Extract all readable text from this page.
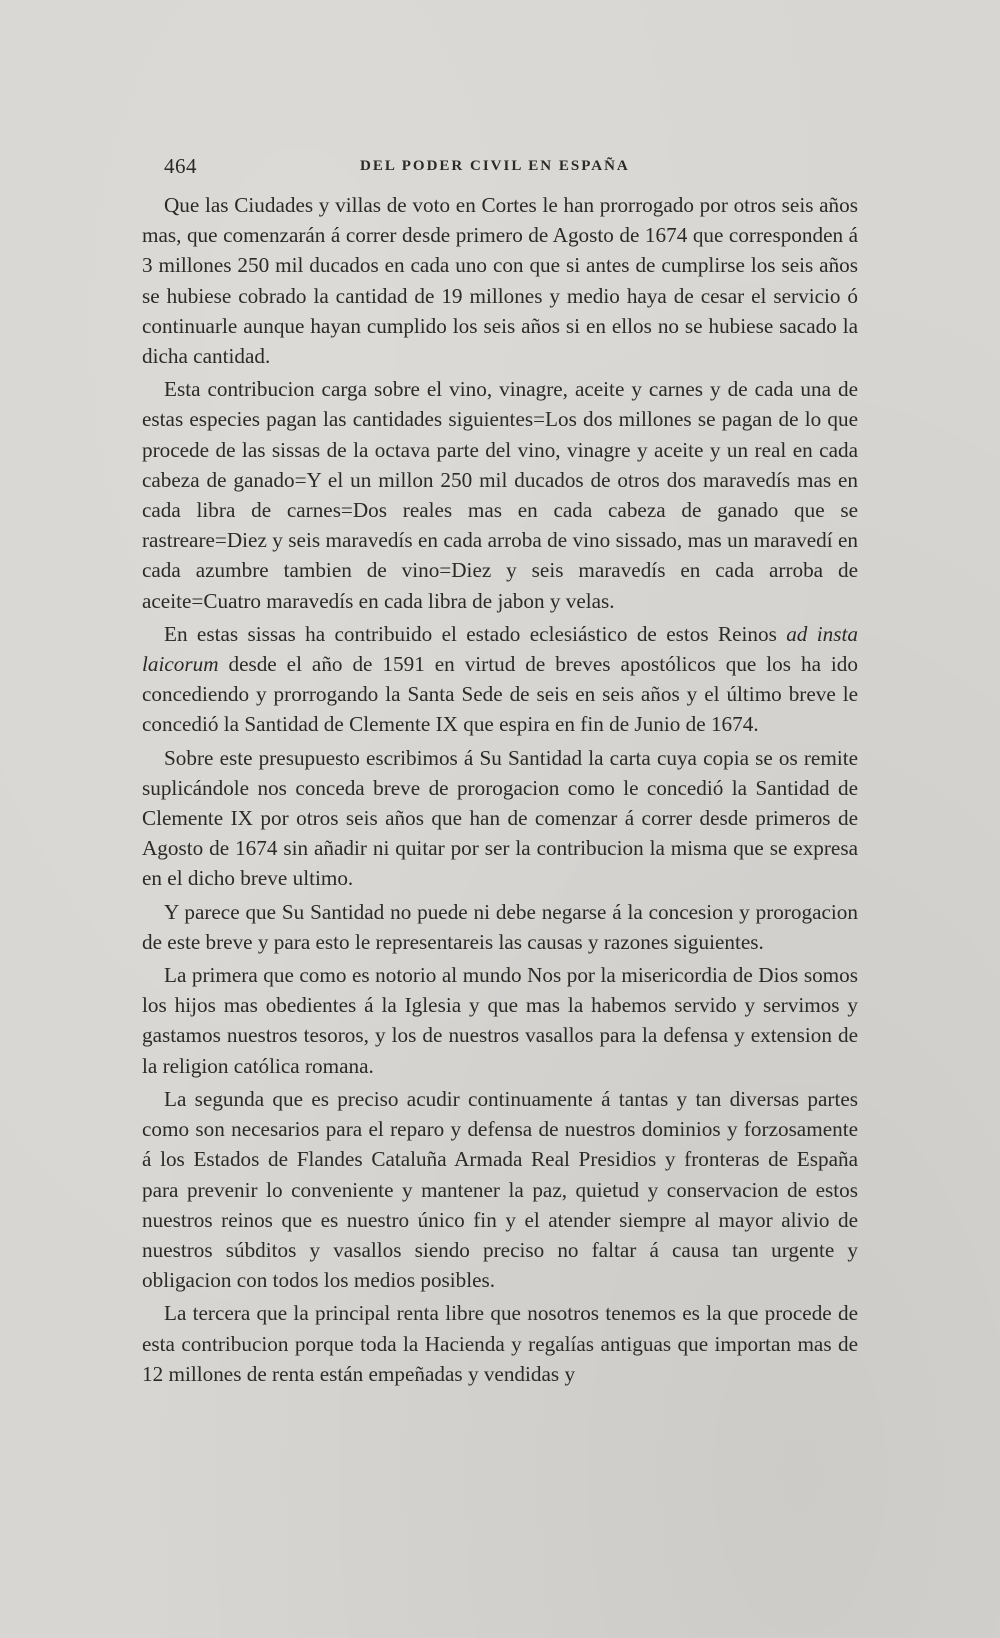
464	DEL PODER CIVIL EN ESPAÑA

Que las Ciudades y villas de voto en Cortes le han prorrogado por otros seis años mas, que comenzarán á correr desde primero de Agosto de 1674 que corresponden á 3 millones 250 mil ducados en cada uno con que si antes de cumplirse los seis años se hubiese cobrado la cantidad de 19 millones y medio haya de cesar el servicio ó continuarle aunque hayan cumplido los seis años si en ellos no se hubiese sacado la dicha cantidad.

Esta contribucion carga sobre el vino, vinagre, aceite y carnes y de cada una de estas especies pagan las cantidades siguientes=Los dos millones se pagan de lo que procede de las sissas de la octava parte del vino, vinagre y aceite y un real en cada cabeza de ganado=Y el un millon 250 mil ducados de otros dos maravedís mas en cada libra de carnes=Dos reales mas en cada cabeza de ganado que se rastreare=Diez y seis maravedís en cada arroba de vino sissado, mas un maravedí en cada azumbre tambien de vino=Diez y seis maravedís en cada arroba de aceite=Cuatro maravedís en cada libra de jabon y velas.

En estas sissas ha contribuido el estado eclesiástico de estos Reinos ad insta laicorum desde el año de 1591 en virtud de breves apostólicos que los ha ido concediendo y prorrogando la Santa Sede de seis en seis años y el último breve le concedió la Santidad de Clemente IX que espira en fin de Junio de 1674.

Sobre este presupuesto escribimos á Su Santidad la carta cuya copia se os remite suplicándole nos conceda breve de prorogacion como le concedió la Santidad de Clemente IX por otros seis años que han de comenzar á correr desde primeros de Agosto de 1674 sin añadir ni quitar por ser la contribucion la misma que se expresa en el dicho breve ultimo.

Y parece que Su Santidad no puede ni debe negarse á la concesion y prorogacion de este breve y para esto le representareis las causas y razones siguientes.

La primera que como es notorio al mundo Nos por la misericordia de Dios somos los hijos mas obedientes á la Iglesia y que mas la habemos servido y servimos y gastamos nuestros tesoros, y los de nuestros vasallos para la defensa y extension de la religion católica romana.

La segunda que es preciso acudir continuamente á tantas y tan diversas partes como son necesarios para el reparo y defensa de nuestros dominios y forzosamente á los Estados de Flandes Cataluña Armada Real Presidios y fronteras de España para prevenir lo conveniente y mantener la paz, quietud y conservacion de estos nuestros reinos que es nuestro único fin y el atender siempre al mayor alivio de nuestros súbditos y vasallos siendo preciso no faltar á causa tan urgente y obligacion con todos los medios posibles.

La tercera que la principal renta libre que nosotros tenemos es la que procede de esta contribucion porque toda la Hacienda y regalías antiguas que importan mas de 12 millones de renta están empeñadas y vendidas y
